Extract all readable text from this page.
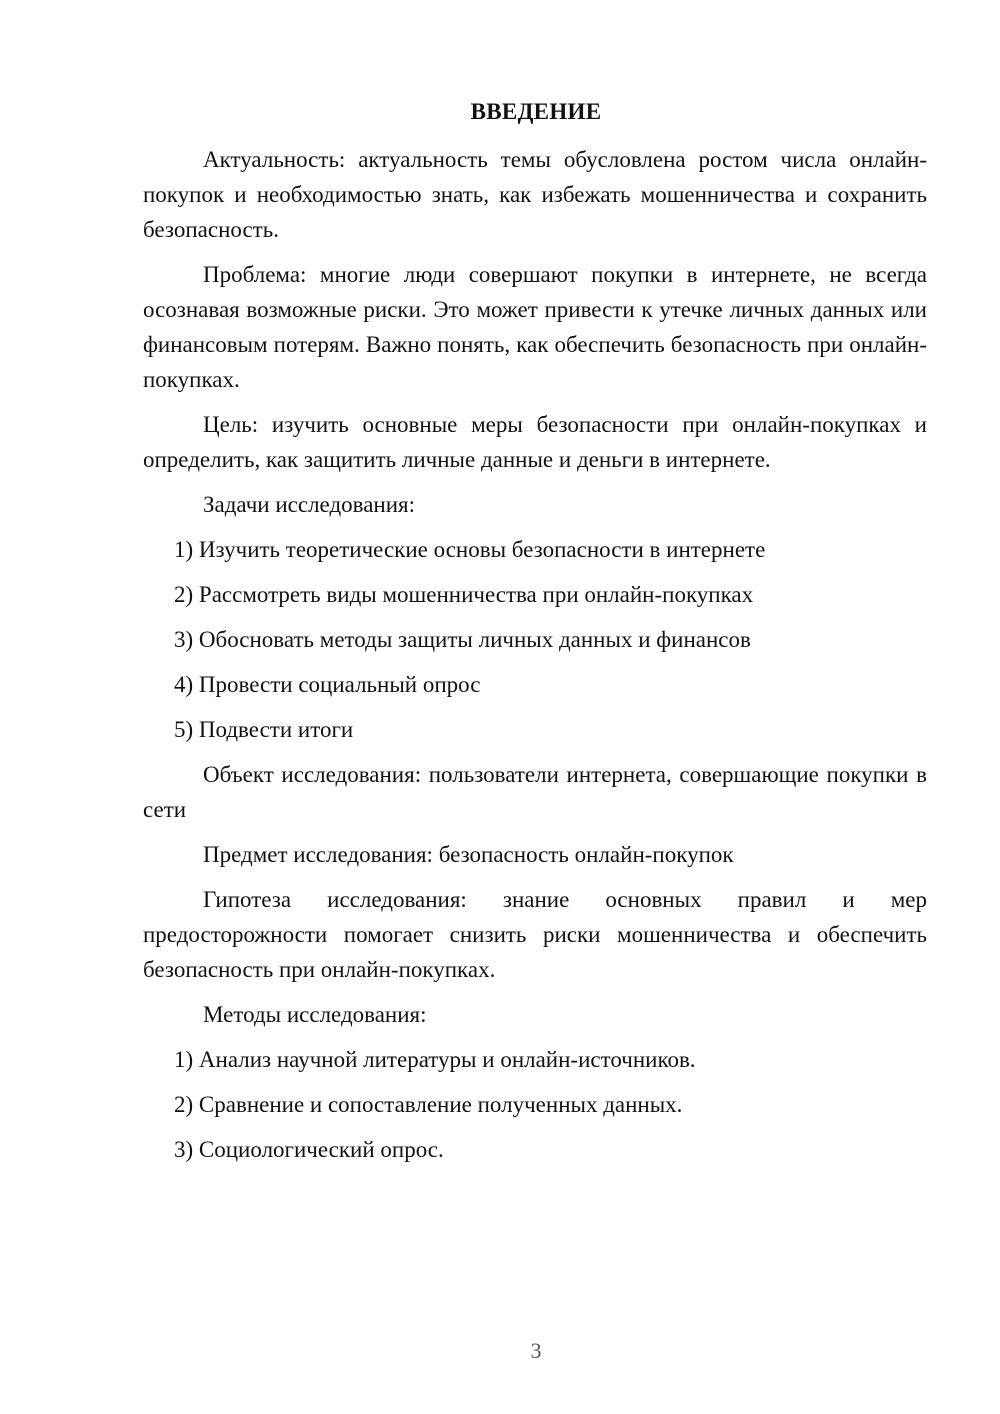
ВВЕДЕНИЕ

Актуальность: актуальность темы обусловлена ростом числа онлайн-покупок и необходимостью знать, как избежать мошенничества и сохранить безопасность.

Проблема: многие люди совершают покупки в интернете, не всегда осознавая возможные риски. Это может привести к утечке личных данных или финансовым потерям. Важно понять, как обеспечить безопасность при онлайн-покупках.

Цель: изучить основные меры безопасности при онлайн-покупках и определить, как защитить личные данные и деньги в интернете.

Задачи исследования:

1) Изучить теоретические основы безопасности в интернете

2) Рассмотреть виды мошенничества при онлайн-покупках

3) Обосновать методы защиты личных данных и финансов

4) Провести социальный опрос

5) Подвести итоги

Объект исследования: пользователи интернета, совершающие покупки в сети

Предмет исследования: безопасность онлайн-покупок

Гипотеза исследования: знание основных правил и мер предосторожности помогает снизить риски мошенничества и обеспечить безопасность при онлайн-покупках.

Методы исследования:

1) Анализ научной литературы и онлайн-источников.

2) Сравнение и сопоставление полученных данных.

3) Социологический опрос.

3
